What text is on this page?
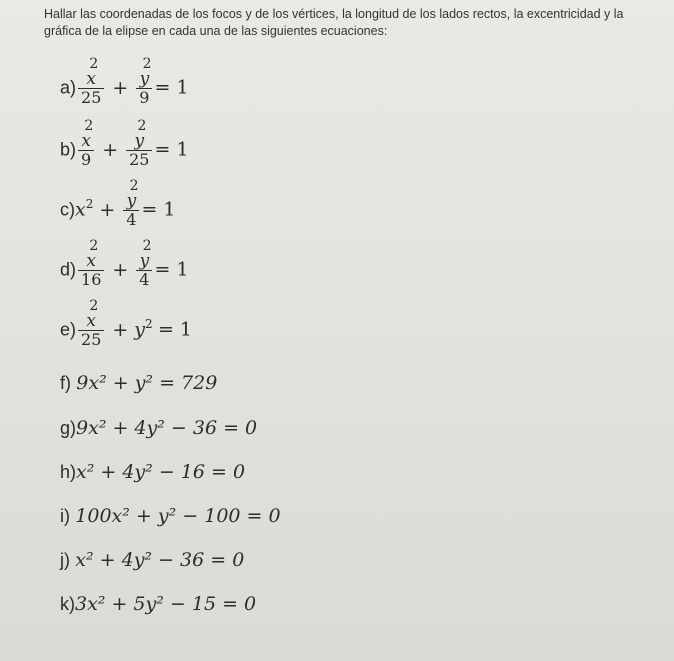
Hallar las coordenadas de los focos y de los vértices, la longitud de los lados rectos, la excentricidad y la gráfica de la elipse en cada una de las siguientes ecuaciones:
a)
2
x
25 +
2
y
9 = 1
b)
2
x
9 +
2
y
25 = 1
$c)x^2$ +
2
y
4 = 1
d)
2
x
16 +
2
y
4 = 1
e)
2
x
$25 + y^2 = 1$
f) 9x² + y² = 729
g)9x² + 4y² − 36 = 0
h)x² + 4y² − 16 = 0
i) 100x² + y² − 100 = 0
j) x² + 4y² − 36 = 0
k)3x² + 5y² − 15 = 0
